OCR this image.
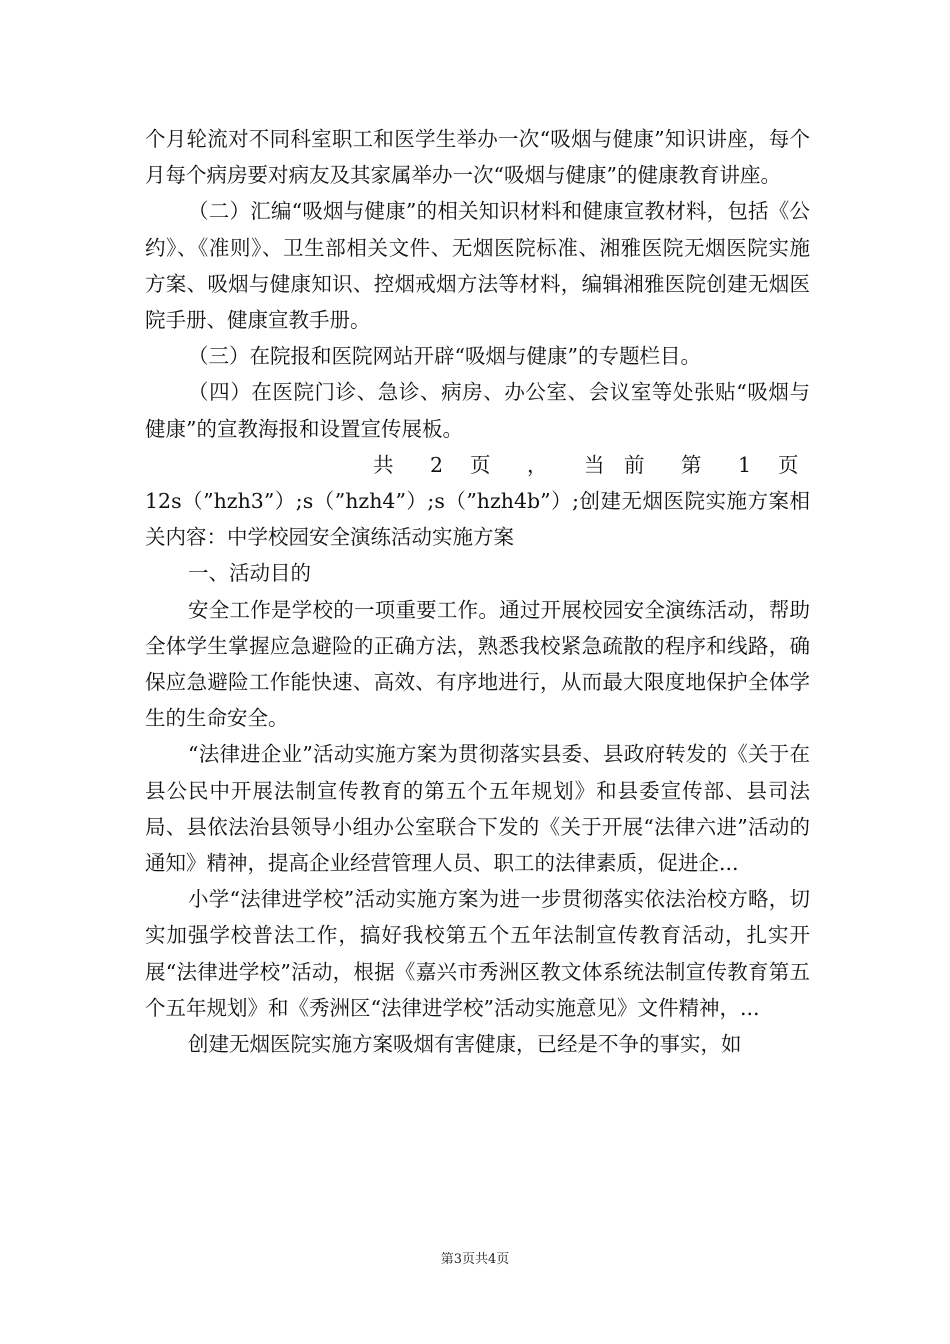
个月轮流对不同科室职工和医学生举办一次“吸烟与健康”知识讲座，每个月每个病房要对病友及其家属举办一次“吸烟与健康”的健康教育讲座。

（二）汇编“吸烟与健康”的相关知识材料和健康宣教材料，包括《公约》、《准则》、卫生部相关文件、无烟医院标准、湘雅医院无烟医院实施方案、吸烟与健康知识、控烟戒烟方法等材料，编辑湘雅医院创建无烟医院手册、健康宣教手册。

（三）在院报和医院网站开辟“吸烟与健康”的专题栏目。

（四）在医院门诊、急诊、病房、办公室、会议室等处张贴“吸烟与健康”的宣教海报和设置宣传展板。

共	2	页	，	当 前	第	1	页

12s（”hzh3”）;s（”hzh4”）;s（”hzh4b”）;创建无烟医院实施方案相关内容：中学校园安全演练活动实施方案

一、活动目的

安全工作是学校的一项重要工作。通过开展校园安全演练活动，帮助全体学生掌握应急避险的正确方法，熟悉我校紧急疏散的程序和线路，确保应急避险工作能快速、高效、有序地进行，从而最大限度地保护全体学生的生命安全。

“法律进企业”活动实施方案为贯彻落实县委、县政府转发的《关于在县公民中开展法制宣传教育的第五个五年规划》和县委宣传部、县司法局、县依法治县领导小组办公室联合下发的《关于开展“法律六进”活动的通知》精神，提高企业经营管理人员、职工的法律素质，促进企...

小学“法律进学校”活动实施方案为进一步贯彻落实依法治校方略，切实加强学校普法工作，搞好我校第五个五年法制宣传教育活动，扎实开展“法律进学校”活动，根据《嘉兴市秀洲区教文体系统法制宣传教育第五个五年规划》和《秀洲区“法律进学校”活动实施意见》文件精神，...

创建无烟医院实施方案吸烟有害健康，已经是不争的事实，如

第3页共4页
